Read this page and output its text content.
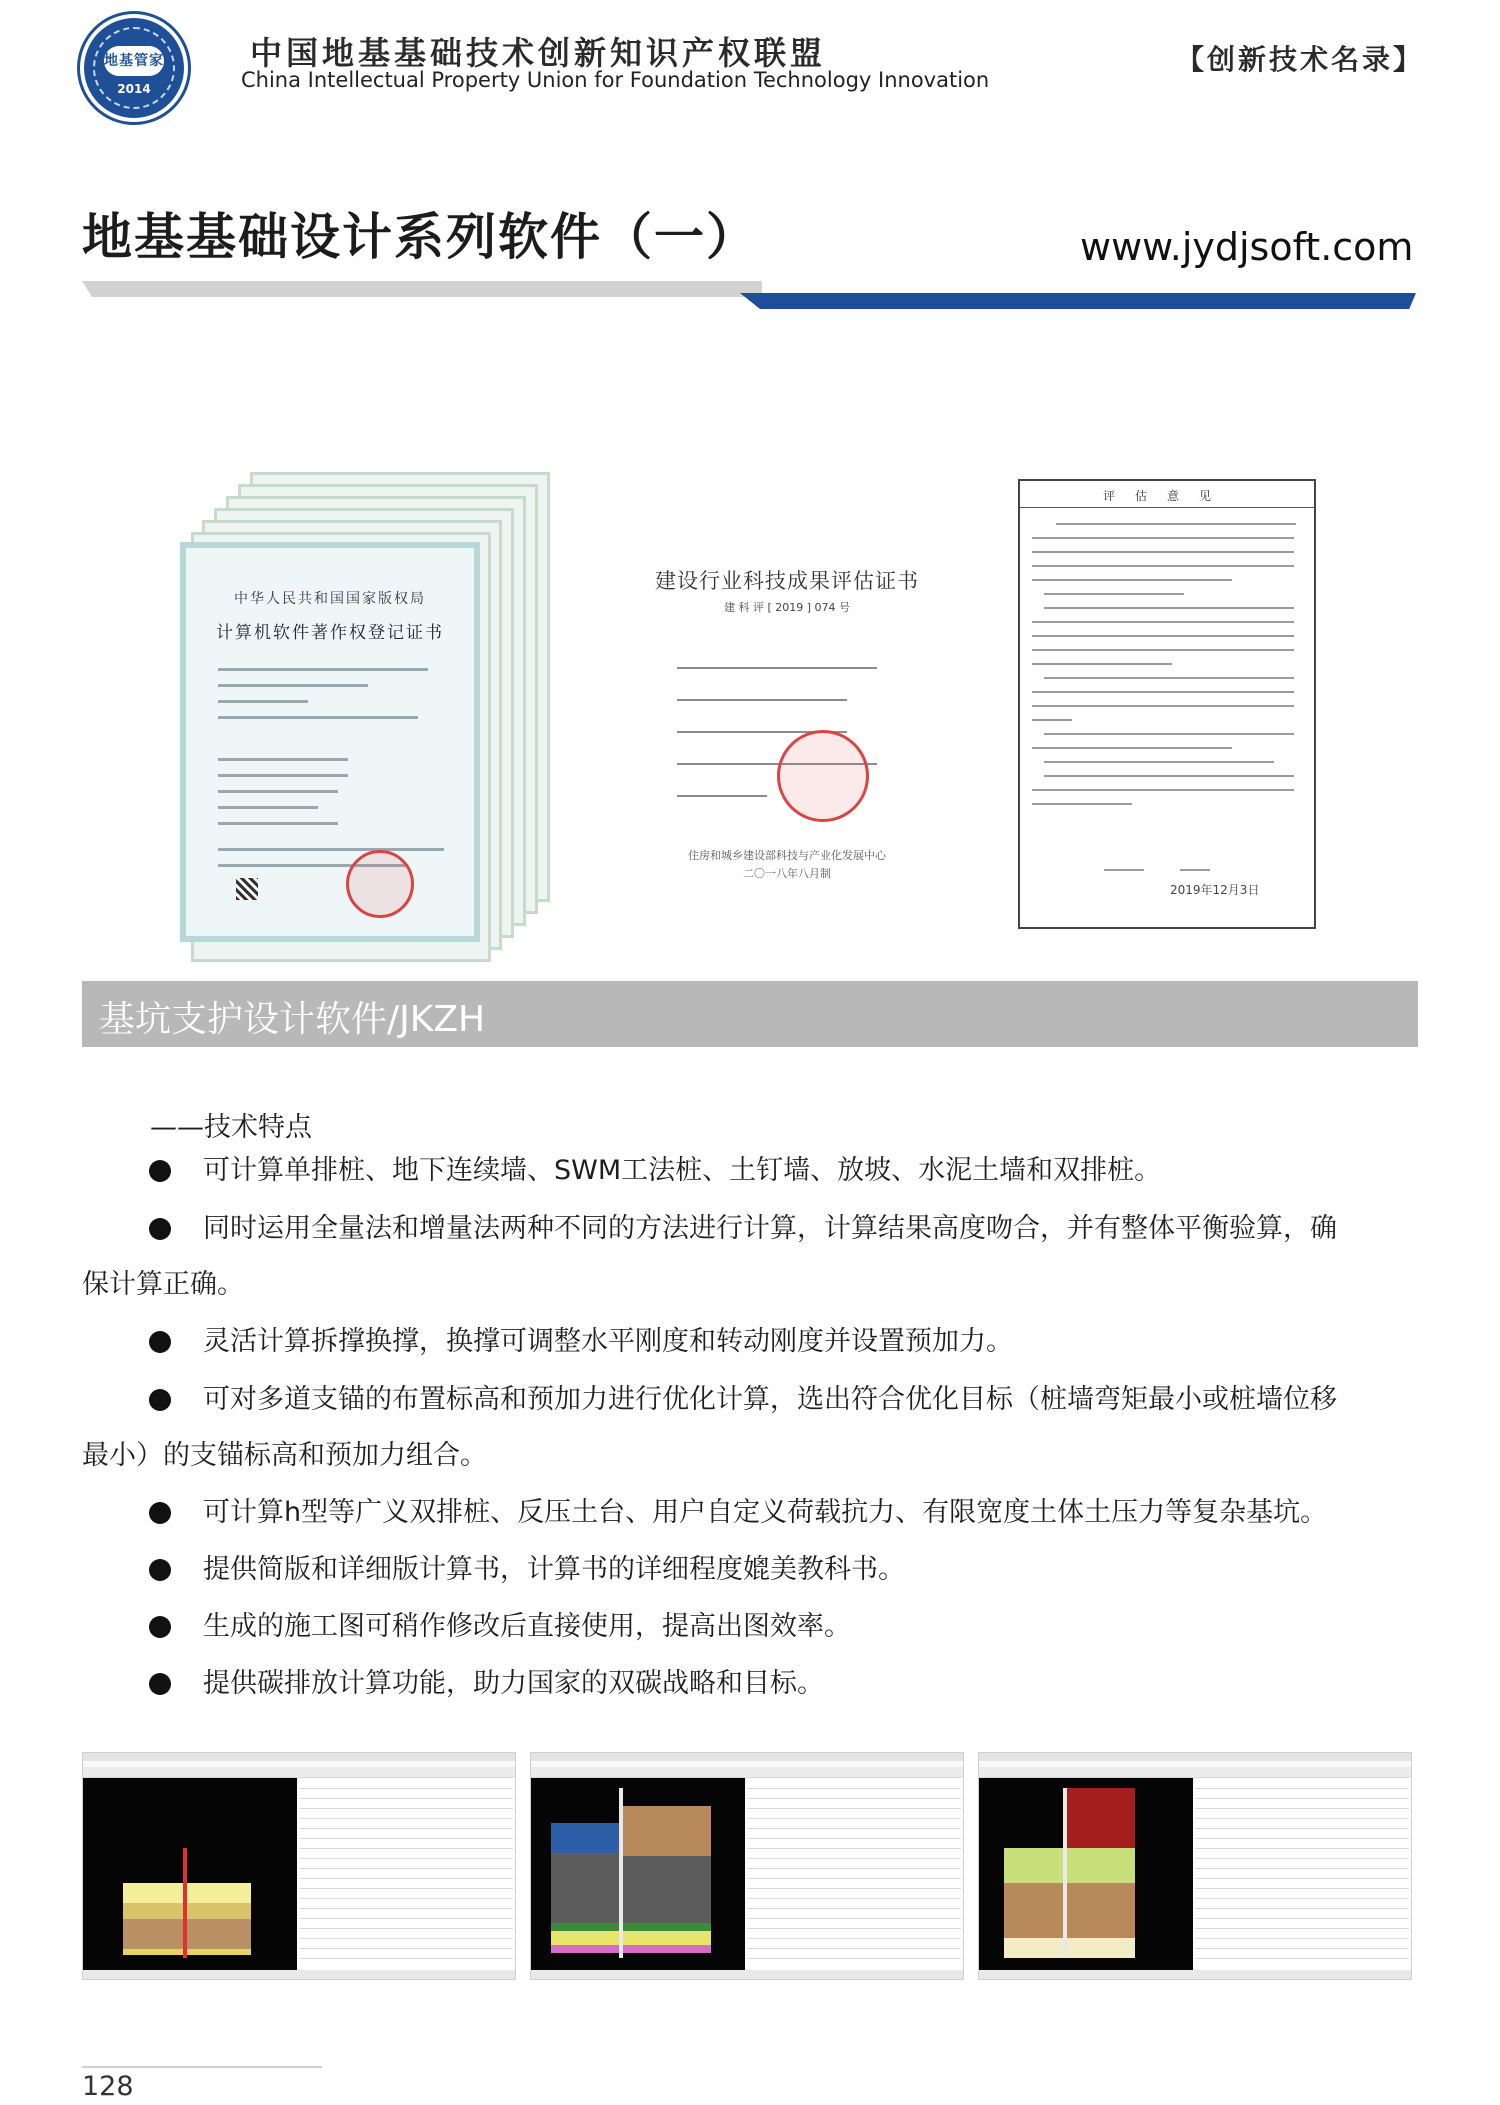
地基管家
2014
中国地基基础技术创新知识产权联盟
China Intellectual Property Union for Foundation Technology Innovation
【创新技术名录】
地基基础设计系列软件（一）	www.jydjsoft.com
中华人民共和国国家版权局
计算机软件著作权登记证书
建设行业科技成果评估证书
建 科 评 [ 2019 ] 074 号
住房和城乡建设部科技与产业化发展中心
二〇一八年八月制
评估意见
2019年12月3日
基坑支护设计软件/JKZH
——技术特点
可计算单排桩、地下连续墙、SWM工法桩、土钉墙、放坡、水泥土墙和双排桩。
同时运用全量法和增量法两种不同的方法进行计算，计算结果高度吻合，并有整体平衡验算，确
保计算正确。
灵活计算拆撑换撑，换撑可调整水平刚度和转动刚度并设置预加力。
可对多道支锚的布置标高和预加力进行优化计算，选出符合优化目标（桩墙弯矩最小或桩墙位移
最小）的支锚标高和预加力组合。
可计算h型等广义双排桩、反压土台、用户自定义荷载抗力、有限宽度土体土压力等复杂基坑。
提供简版和详细版计算书，计算书的详细程度媲美教科书。
生成的施工图可稍作修改后直接使用，提高出图效率。
提供碳排放计算功能，助力国家的双碳战略和目标。
128
